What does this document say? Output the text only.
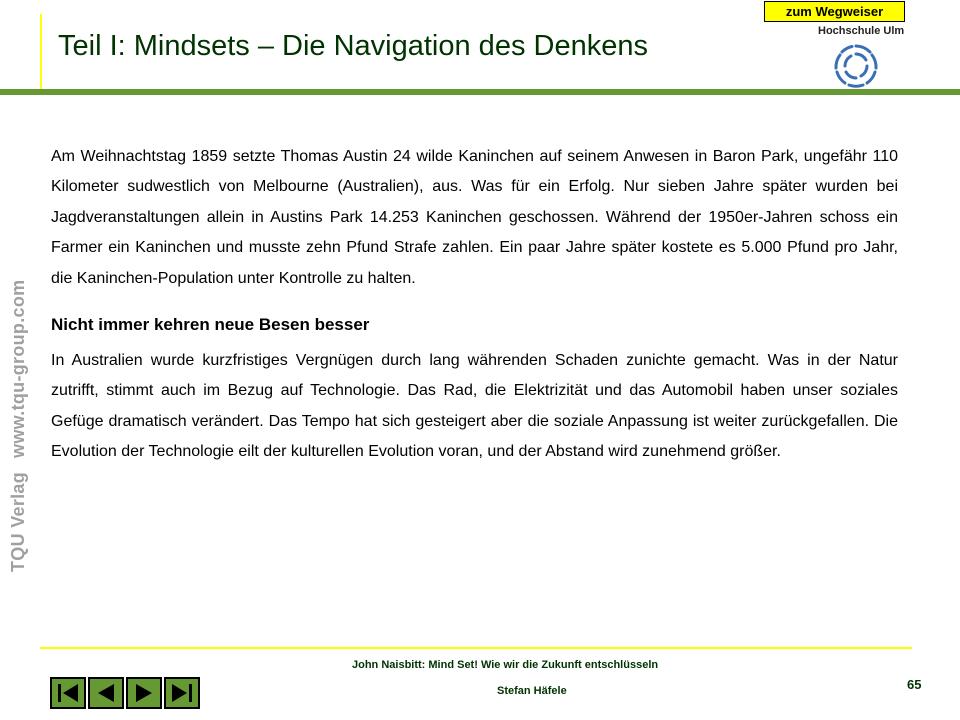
zum Wegweiser
Teil I: Mindsets – Die Navigation des Denkens	Hochschule Ulm
TQU Verlagwww.tqu-group.com

Am Weihnachtstag 1859 setzte Thomas Austin 24 wilde Kaninchen auf seinem Anwesen in Baron Park, ungefähr 110 Kilometer sudwestlich von Melbourne (Australien), aus. Was für ein Erfolg. Nur sieben Jahre später wurden bei Jagdveranstaltungen allein in Austins Park 14.253 Kaninchen geschossen. Während der 1950er-Jahren schoss ein Farmer ein Kaninchen und musste zehn Pfund Strafe zahlen. Ein paar Jahre später kostete es 5.000 Pfund pro Jahr, die Kaninchen-Population unter Kontrolle zu halten.

Nicht immer kehren neue Besen besser

In Australien wurde kurzfristiges Vergnügen durch lang währenden Schaden zunichte gemacht. Was in der Natur zutrifft, stimmt auch im Bezug auf Technologie. Das Rad, die Elektrizität und das Automobil haben unser soziales Gefüge dramatisch verändert. Das Tempo hat sich gesteigert aber die soziale Anpassung ist weiter zurückgefallen. Die Evolution der Technologie eilt der kulturellen Evolution voran, und der Abstand wird zunehmend größer.

John Naisbitt: Mind Set! Wie wir die Zukunft entschlüsseln
Stefan Häfele	65
